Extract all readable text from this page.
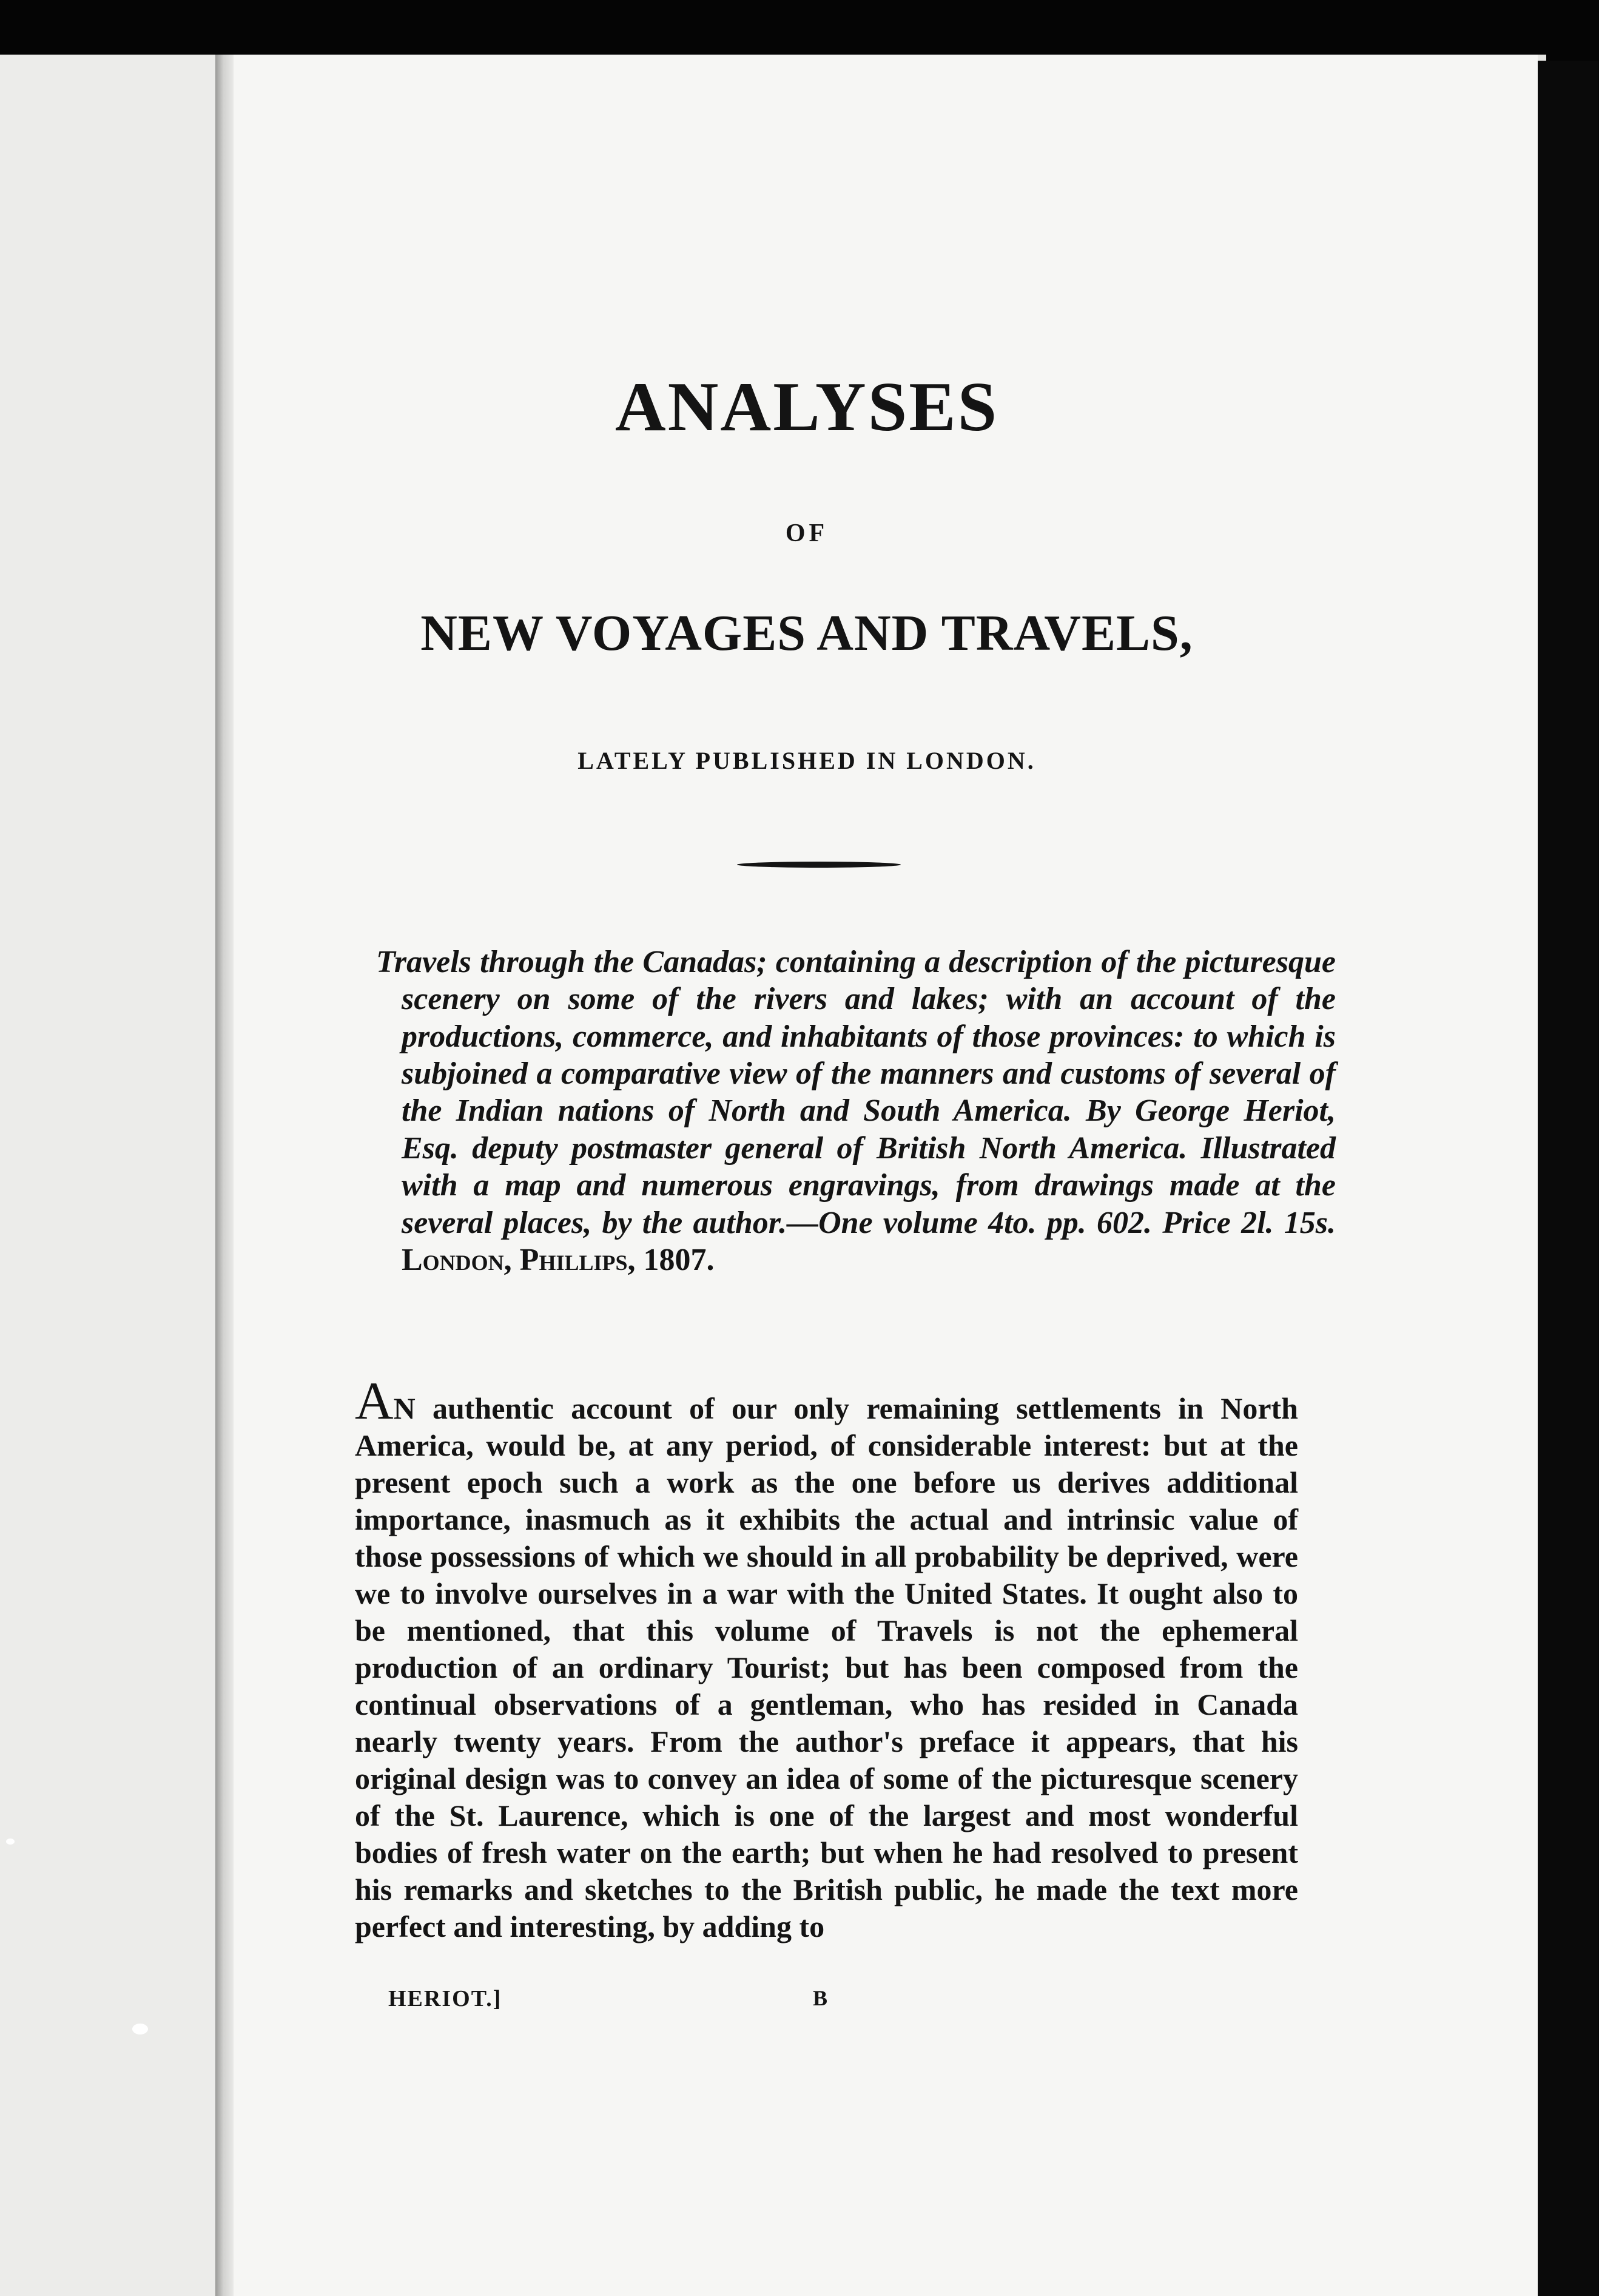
ANALYSES
OF
NEW VOYAGES AND TRAVELS,
LATELY PUBLISHED IN LONDON.

Travels through the Canadas; containing a description of the picturesque scenery on some of the rivers and lakes; with an account of the productions, commerce, and inhabitants of those provinces: to which is subjoined a comparative view of the manners and customs of several of the Indian nations of North and South America. By George Heriot, Esq. deputy postmaster general of British North America. Illustrated with a map and numerous engravings, from drawings made at the several places, by the author.—One volume 4to. pp. 602. Price 2l. 15s. London, Phillips, 1807.

AN authentic account of our only remaining settlements in North America, would be, at any period, of considerable interest: but at the present epoch such a work as the one before us derives additional importance, inasmuch as it exhibits the actual and intrinsic value of those possessions of which we should in all probability be deprived, were we to involve ourselves in a war with the United States. It ought also to be mentioned, that this volume of Travels is not the ephemeral production of an ordinary Tourist; but has been composed from the continual observations of a gentleman, who has resided in Canada nearly twenty years. From the author's preface it appears, that his original design was to convey an idea of some of the picturesque scenery of the St. Laurence, which is one of the largest and most wonderful bodies of fresh water on the earth; but when he had resolved to present his remarks and sketches to the British public, he made the text more perfect and interesting, by adding to

HERIOT.]	B
